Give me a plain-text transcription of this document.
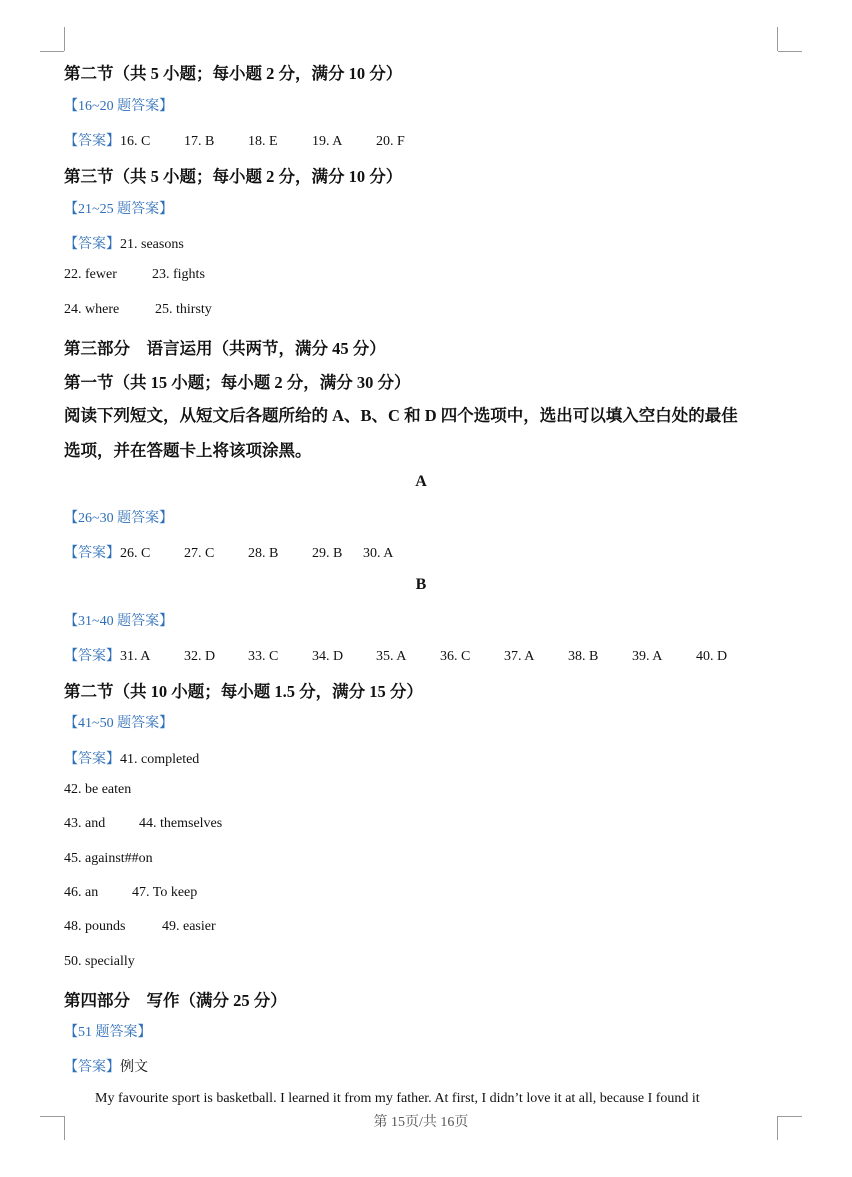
第二节（共 5 小题；每小题 2 分，满分 10 分）
【16~20 题答案】
【答案】16. C 17. B 18. E 19. A 20. F
第三节（共 5 小题；每小题 2 分，满分 10 分）
【21~25 题答案】
【答案】21. seasons
22. fewer	23. fights
24. where	25. thirsty
第三部分　语言运用（共两节，满分 45 分）
第一节（共 15 小题；每小题 2 分，满分 30 分）
阅读下列短文，从短文后各题所给的 A、B、C 和 D 四个选项中，选出可以填入空白处的最佳
选项，并在答题卡上将该项涂黑。
A
【26~30 题答案】
【答案】26. C 27. C 28. B 29. B 30. A
B
【31~40 题答案】
【答案】31. A 32. D 33. C 34. D 35. A 36. C 37. A 38. B 39. A 40. D
第二节（共 10 小题；每小题 1.5 分，满分 15 分）
【41~50 题答案】
【答案】41. completed
42. be eaten
43. and 44. themselves
45. against##on
46. an 47. To keep
48. pounds	49. easier
50. specially
第四部分　写作（满分 25 分）
【51 题答案】
【答案】例文
My favourite sport is basketball. I learned it from my father. At first, I didn’t love it at all, because I found it
第 15页/共 16页
